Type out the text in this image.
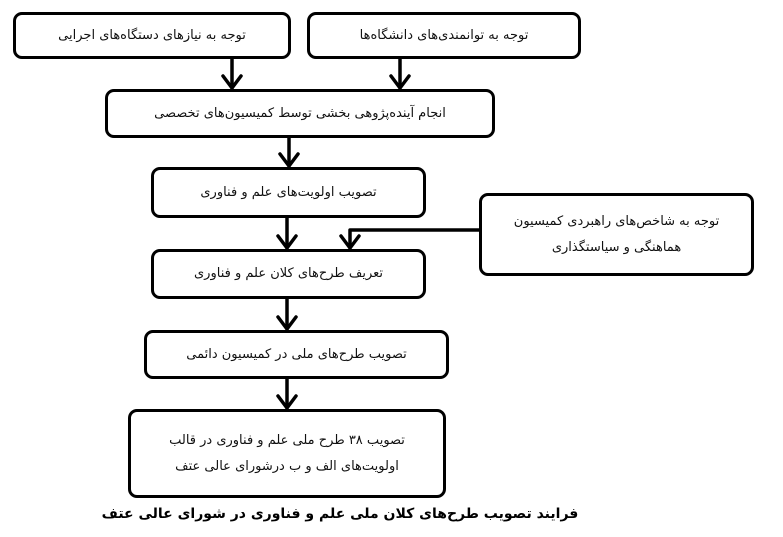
توجه به نیازهای دستگاه‌های اجرایی	توجه به توانمندی‌های دانشگاه‌ها
انجام آینده‌پژوهی بخشی توسط کمیسیون‌های تخصصی
تصویب اولویت‌های علم و فناوری
توجه به شاخص‌های راهبردی کمیسیون
هماهنگی و سیاستگذاری
تعریف طرح‌های کلان علم و فناوری
تصویب طرح‌های ملی در کمیسیون دائمی
تصویب ۳۸ طرح ملی علم و فناوری در قالب
اولویت‌های الف و ب درشورای عالی عتف
فرایند تصویب طرح‌های کلان ملی علم و فناوری در شورای عالی عتف
